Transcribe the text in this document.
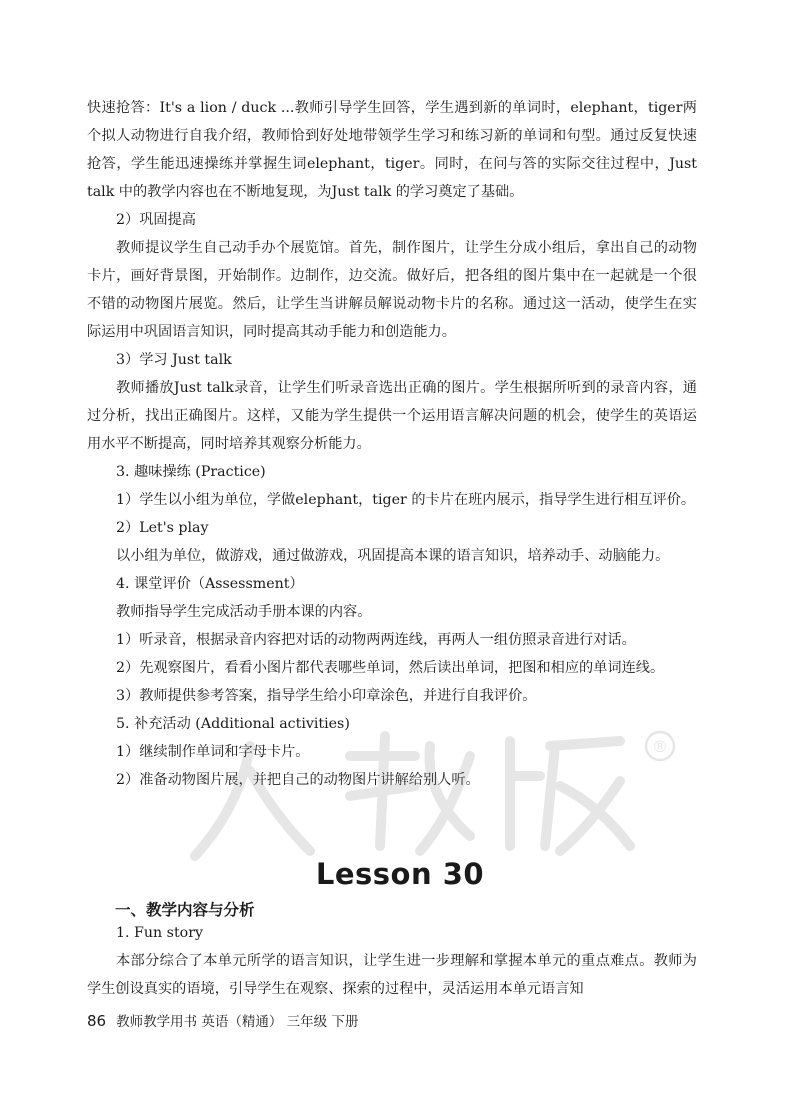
快速抢答：It's a lion / duck ...教师引导学生回答，学生遇到新的单词时，elephant，tiger两个拟人动物进行自我介绍，教师恰到好处地带领学生学习和练习新的单词和句型。通过反复快速抢答，学生能迅速操练并掌握生词elephant，tiger。同时，在问与答的实际交往过程中，Just talk 中的教学内容也在不断地复现，为Just talk 的学习奠定了基础。

2）巩固提高

教师提议学生自己动手办个展览馆。首先，制作图片，让学生分成小组后，拿出自己的动物卡片，画好背景图，开始制作。边制作，边交流。做好后，把各组的图片集中在一起就是一个很不错的动物图片展览。然后，让学生当讲解员解说动物卡片的名称。通过这一活动，使学生在实际运用中巩固语言知识，同时提高其动手能力和创造能力。

3）学习 Just talk

教师播放Just talk录音，让学生们听录音选出正确的图片。学生根据所听到的录音内容，通过分析，找出正确图片。这样，又能为学生提供一个运用语言解决问题的机会，使学生的英语运用水平不断提高，同时培养其观察分析能力。

3. 趣味操练 (Practice)

1）学生以小组为单位，学做elephant，tiger 的卡片在班内展示，指导学生进行相互评价。

2）Let's play

以小组为单位，做游戏，通过做游戏，巩固提高本课的语言知识，培养动手、动脑能力。

4. 课堂评价（Assessment）

教师指导学生完成活动手册本课的内容。

1）听录音，根据录音内容把对话的动物两两连线，再两人一组仿照录音进行对话。

2）先观察图片，看看小图片都代表哪些单词，然后读出单词，把图和相应的单词连线。

3）教师提供参考答案，指导学生给小印章涂色，并进行自我评价。

5. 补充活动 (Additional activities)

1）继续制作单词和字母卡片。

2）准备动物图片展，并把自己的动物图片讲解给别人听。

®
Lesson 30
一、教学内容与分析

1. Fun story

本部分综合了本单元所学的语言知识，让学生进一步理解和掌握本单元的重点难点。教师为学生创设真实的语境，引导学生在观察、探索的过程中，灵活运用本单元语言知

86 教师教学用书 英语（精通） 三年级 下册
